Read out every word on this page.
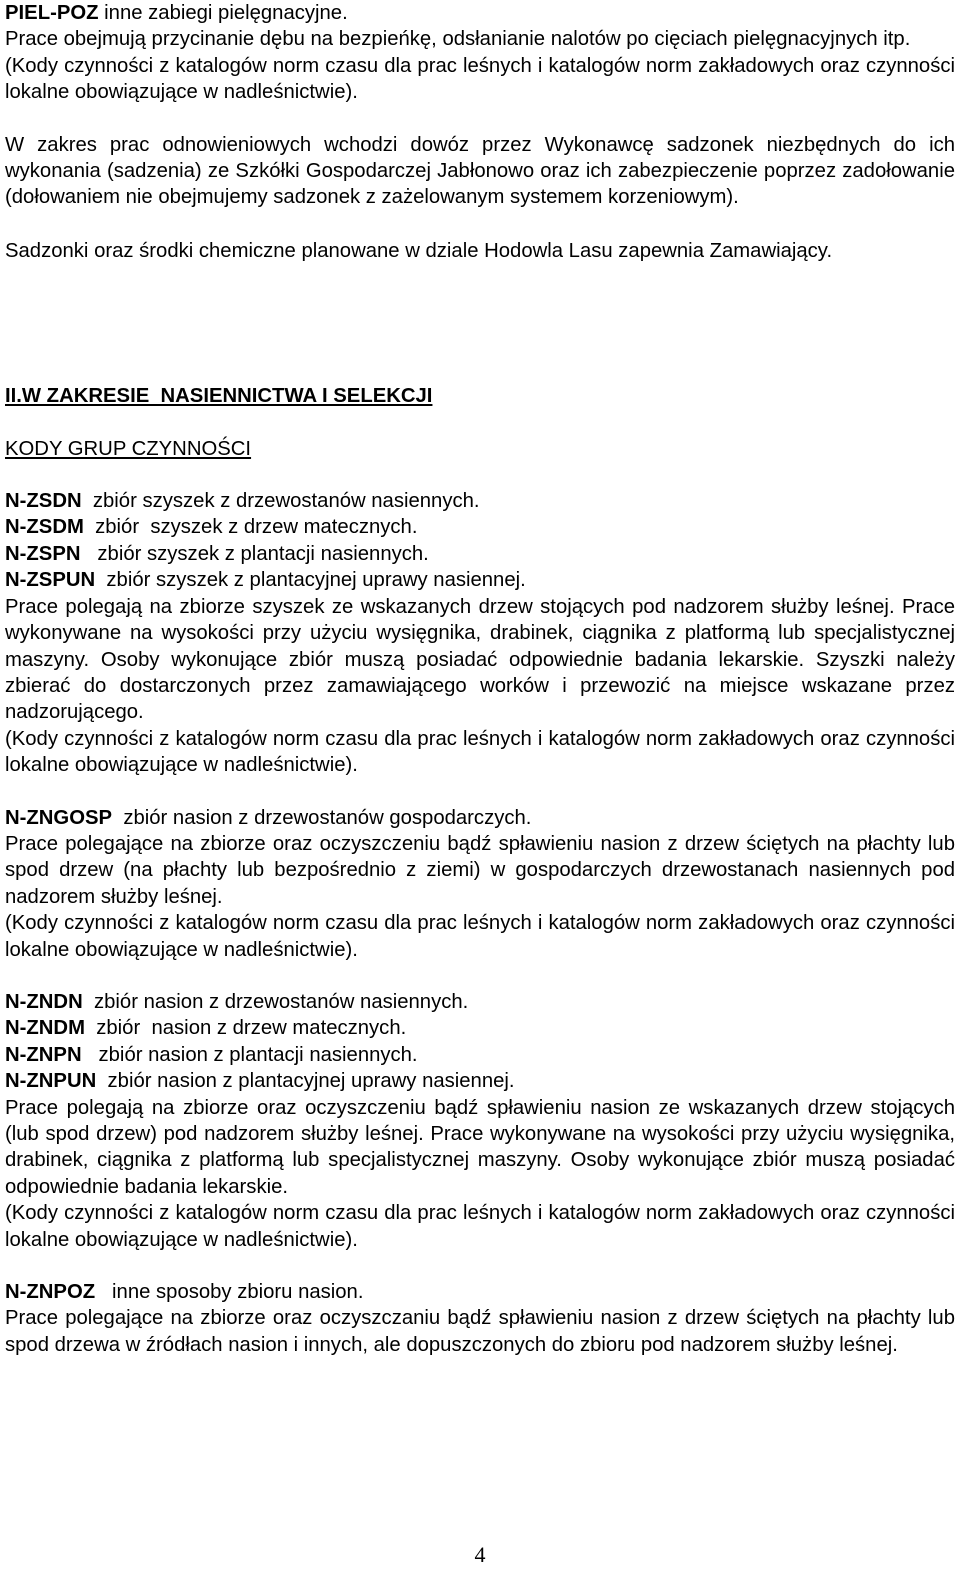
PIEL-POZ inne zabiegi pielęgnacyjne.

Prace obejmują przycinanie dębu na bezpieńkę, odsłanianie nalotów po cięciach pielęgnacyjnych itp.

(Kody czynności z katalogów norm czasu dla prac leśnych i katalogów norm zakładowych oraz czynności lokalne obowiązujące w nadleśnictwie).

W zakres prac odnowieniowych wchodzi dowóz przez Wykonawcę sadzonek niezbędnych do ich wykonania (sadzenia) ze Szkółki Gospodarczej Jabłonowo oraz ich zabezpieczenie poprzez zadołowanie (dołowaniem nie obejmujemy sadzonek z zażelowanym systemem korzeniowym).

Sadzonki oraz środki chemiczne planowane w dziale Hodowla Lasu zapewnia Zamawiający.

II.W ZAKRESIE  NASIENNICTWA I SELEKCJI

KODY GRUP CZYNNOŚCI

N-ZSDN  zbiór szyszek z drzewostanów nasiennych.

N-ZSDM  zbiór  szyszek z drzew matecznych.

N-ZSPN   zbiór szyszek z plantacji nasiennych.

N-ZSPUN  zbiór szyszek z plantacyjnej uprawy nasiennej.

Prace polegają na zbiorze szyszek ze wskazanych drzew stojących pod nadzorem służby leśnej. Prace wykonywane na wysokości przy użyciu wysięgnika, drabinek, ciągnika z platformą lub specjalistycznej maszyny. Osoby wykonujące zbiór muszą posiadać odpowiednie badania lekarskie. Szyszki należy zbierać do dostarczonych przez zamawiającego worków i przewozić na miejsce wskazane przez nadzorującego.

(Kody czynności z katalogów norm czasu dla prac leśnych i katalogów norm zakładowych oraz czynności lokalne obowiązujące w nadleśnictwie).

N-ZNGOSP  zbiór nasion z drzewostanów gospodarczych.

Prace polegające na zbiorze oraz oczyszczeniu bądź spławieniu nasion z drzew ściętych na płachty lub spod drzew (na płachty lub bezpośrednio z ziemi) w gospodarczych drzewostanach nasiennych pod nadzorem służby leśnej.

(Kody czynności z katalogów norm czasu dla prac leśnych i katalogów norm zakładowych oraz czynności lokalne obowiązujące w nadleśnictwie).

N-ZNDN  zbiór nasion z drzewostanów nasiennych.

N-ZNDM  zbiór  nasion z drzew matecznych.

N-ZNPN   zbiór nasion z plantacji nasiennych.

N-ZNPUN  zbiór nasion z plantacyjnej uprawy nasiennej.

Prace polegają na zbiorze oraz oczyszczeniu bądź spławieniu nasion ze wskazanych drzew stojących (lub spod drzew) pod nadzorem służby leśnej. Prace wykonywane na wysokości przy użyciu wysięgnika, drabinek, ciągnika z platformą lub specjalistycznej maszyny. Osoby wykonujące zbiór muszą posiadać odpowiednie badania lekarskie.

(Kody czynności z katalogów norm czasu dla prac leśnych i katalogów norm zakładowych oraz czynności lokalne obowiązujące w nadleśnictwie).

N-ZNPOZ   inne sposoby zbioru nasion.

Prace polegające na zbiorze oraz oczyszczaniu bądź spławieniu nasion z drzew ściętych na płachty lub spod drzewa w źródłach nasion i innych, ale dopuszczonych do zbioru pod nadzorem służby leśnej.

4
